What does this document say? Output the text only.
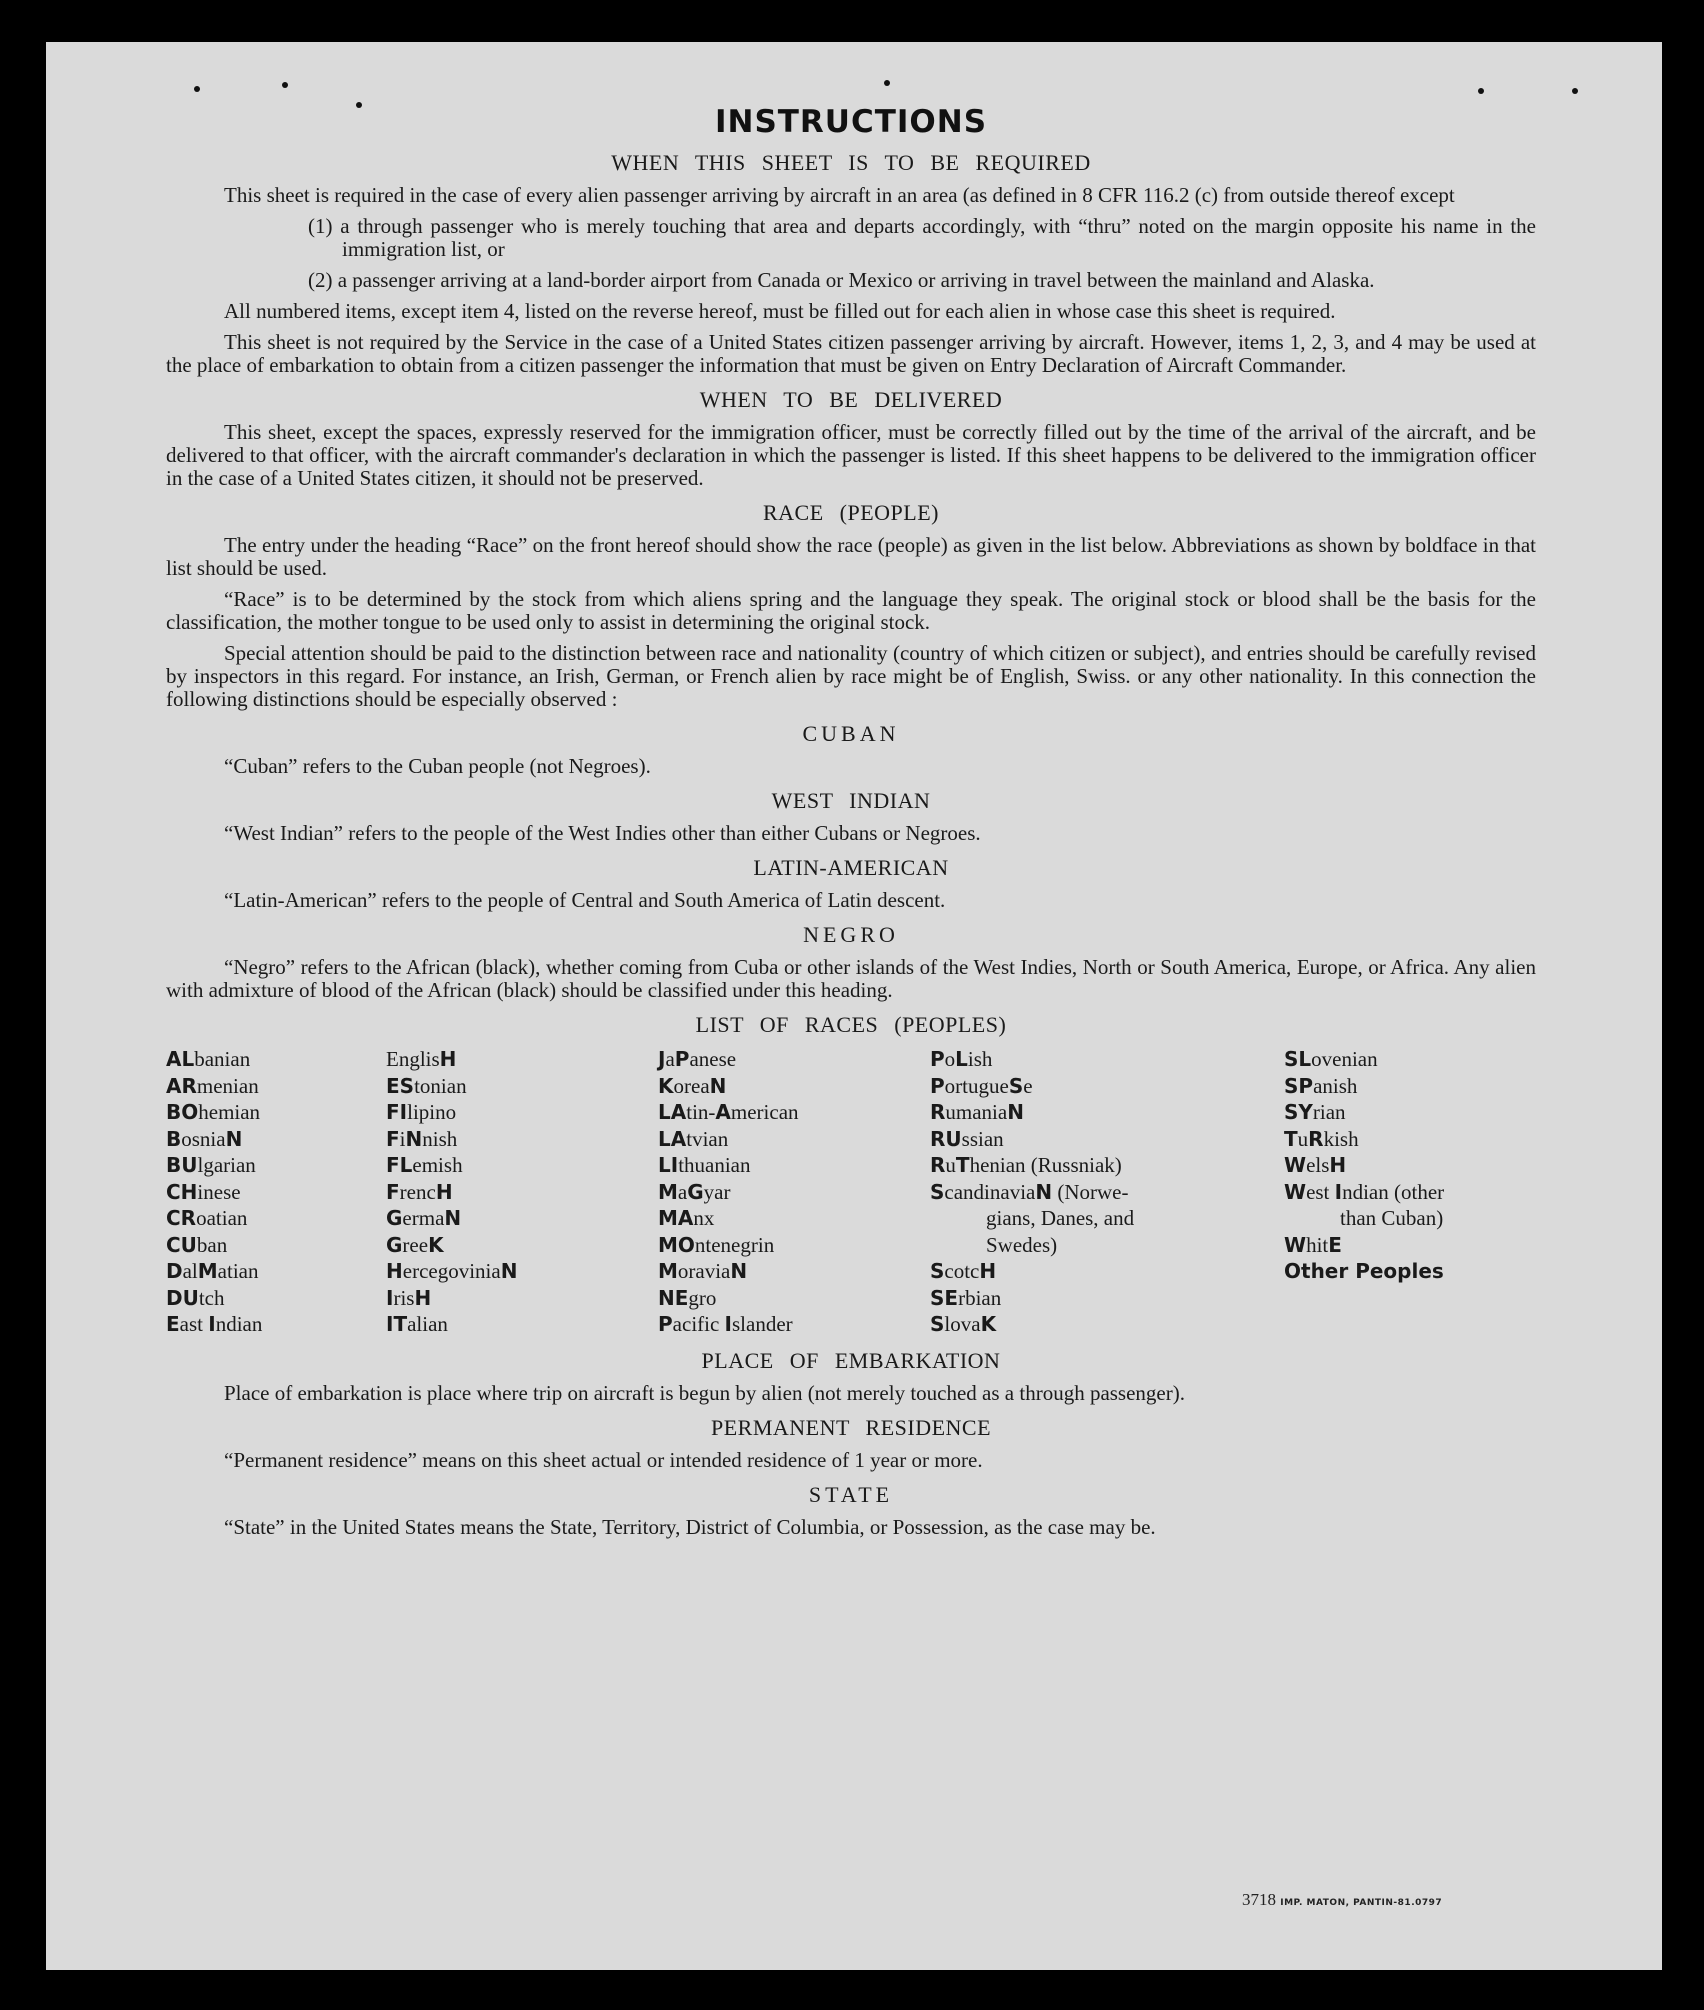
INSTRUCTIONS
WHEN THIS SHEET IS TO BE REQUIRED

This sheet is required in the case of every alien passenger arriving by aircraft in an area (as defined in 8 CFR 116.2 (c) from outside thereof except

(1) a through passenger who is merely touching that area and departs accordingly, with “thru” noted on the margin opposite his name in the immigration list, or
(2) a passenger arriving at a land-border airport from Canada or Mexico or arriving in travel between the mainland and Alaska.

All numbered items, except item 4, listed on the reverse hereof, must be filled out for each alien in whose case this sheet is required.

This sheet is not required by the Service in the case of a United States citizen passenger arriving by aircraft. However, items 1, 2, 3, and 4 may be used at the place of embarkation to obtain from a citizen passenger the information that must be given on Entry Declaration of Aircraft Commander.

WHEN TO BE DELIVERED

This sheet, except the spaces, expressly reserved for the immigration officer, must be correctly filled out by the time of the arrival of the aircraft, and be delivered to that officer, with the aircraft commander's declaration in which the passenger is listed. If this sheet happens to be delivered to the immigration officer in the case of a United States citizen, it should not be preserved.

RACE (PEOPLE)

The entry under the heading “Race” on the front hereof should show the race (people) as given in the list below. Abbreviations as shown by boldface in that list should be used.

“Race” is to be determined by the stock from which aliens spring and the language they speak. The original stock or blood shall be the basis for the classification, the mother tongue to be used only to assist in determining the original stock.

Special attention should be paid to the distinction between race and nationality (country of which citizen or subject), and entries should be carefully revised by inspectors in this regard. For instance, an Irish, German, or French alien by race might be of English, Swiss. or any other nationality. In this connection the following distinctions should be especially observed :

CUBAN

“Cuban” refers to the Cuban people (not Negroes).

WEST INDIAN

“West Indian” refers to the people of the West Indies other than either Cubans or Negroes.

LATIN-AMERICAN

“Latin-American” refers to the people of Central and South America of Latin descent.

NEGRO

“Negro” refers to the African (black), whether coming from Cuba or other islands of the West Indies, North or South America, Europe, or Africa. Any alien with admixture of blood of the African (black) should be classified under this heading.

LIST OF RACES (PEOPLES)
ALbanian
ARmenian
BOhemian
BosniaN
BUlgarian
CHinese
CRoatian
CUban
DalMatian
DUtch
East Indian
EnglisH
EStonian
FIlipino
FiNnish
FLemish
FrencH
GermaN
GreeK
HercegoviniaN
IrisH
ITalian
JaPanese
KoreaN
LAtin-American
LAtvian
LIthuanian
MaGyar
MAnx
MOntenegrin
MoraviaN
NEgro
Pacific Islander
PoLish
PortugueSe
RumaniaN
RUssian
RuThenian (Russniak)
ScandinaviaN (Norwe-
gians, Danes, and
Swedes)
ScotcH
SErbian
SlovaK
SLovenian
SPanish
SYrian
TuRkish
WelsH
West Indian (other
than Cuban)
WhitE
Other Peoples
PLACE OF EMBARKATION

Place of embarkation is place where trip on aircraft is begun by alien (not merely touched as a through passenger).

PERMANENT RESIDENCE

“Permanent residence” means on this sheet actual or intended residence of 1 year or more.

STATE

“State” in the United States means the State, Territory, District of Columbia, or Possession, as the case may be.

3718 IMP. MATON, PANTIN-81.0797
